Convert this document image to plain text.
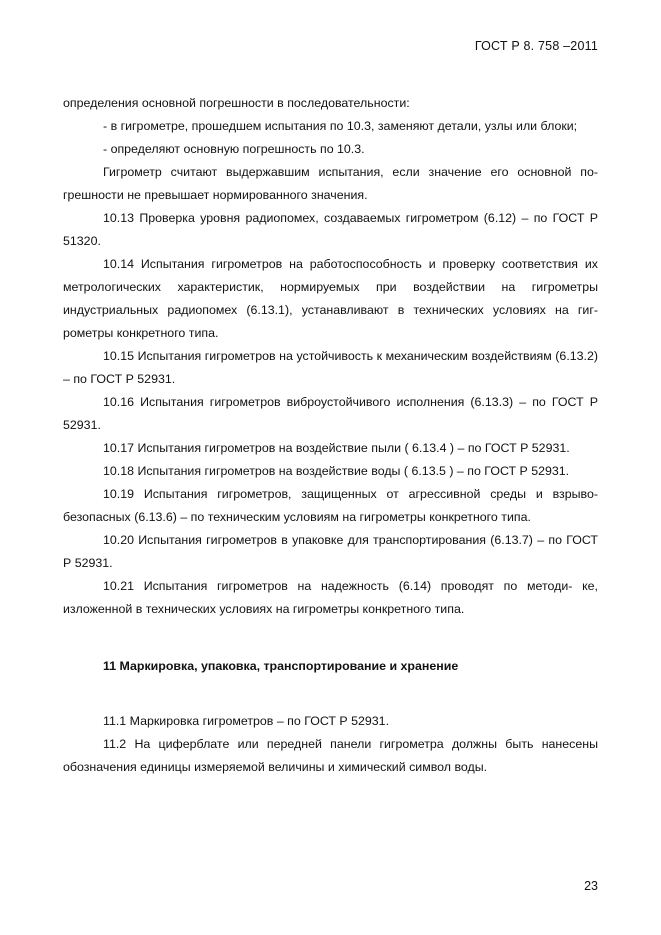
ГОСТ Р 8. 758 –2011

определения основной погрешности в последовательности:

- в гигрометре, прошедшем испытания по 10.3, заменяют детали, узлы или блоки;

- определяют основную погрешность по 10.3.

Гигрометр считают выдержавшим испытания, если значение его основной по- грешности не превышает нормированного значения.

10.13 Проверка уровня радиопомех, создаваемых гигрометром (6.12) – по ГОСТ Р 51320.

10.14 Испытания гигрометров на работоспособность и проверку соответствия их метрологических характеристик, нормируемых при воздействии на гигрометры индустриальных радиопомех (6.13.1), устанавливают в технических условиях на гиг- рометры конкретного типа.

10.15 Испытания гигрометров на устойчивость к механическим воздействиям (6.13.2) – по ГОСТ Р 52931.

10.16 Испытания гигрометров виброустойчивого исполнения (6.13.3) – по ГОСТ Р 52931.

10.17 Испытания гигрометров на воздействие пыли ( 6.13.4 ) – по ГОСТ Р 52931.

10.18 Испытания гигрометров на воздействие воды ( 6.13.5 ) – по ГОСТ Р 52931.

10.19 Испытания гигрометров, защищенных от агрессивной среды и взрыво- безопасных (6.13.6) – по техническим условиям на гигрометры конкретного типа.

10.20 Испытания гигрометров в упаковке для транспортирования (6.13.7) – по ГОСТ Р 52931.

10.21 Испытания гигрометров на надежность (6.14) проводят по методи- ке, изложенной в технических условиях на гигрометры конкретного типа.

11 Маркировка, упаковка, транспортирование и хранение

11.1 Маркировка гигрометров – по ГОСТ Р 52931.

11.2 На циферблате или передней панели гигрометра должны быть нанесены обозначения единицы измеряемой величины и химический символ воды.

23
